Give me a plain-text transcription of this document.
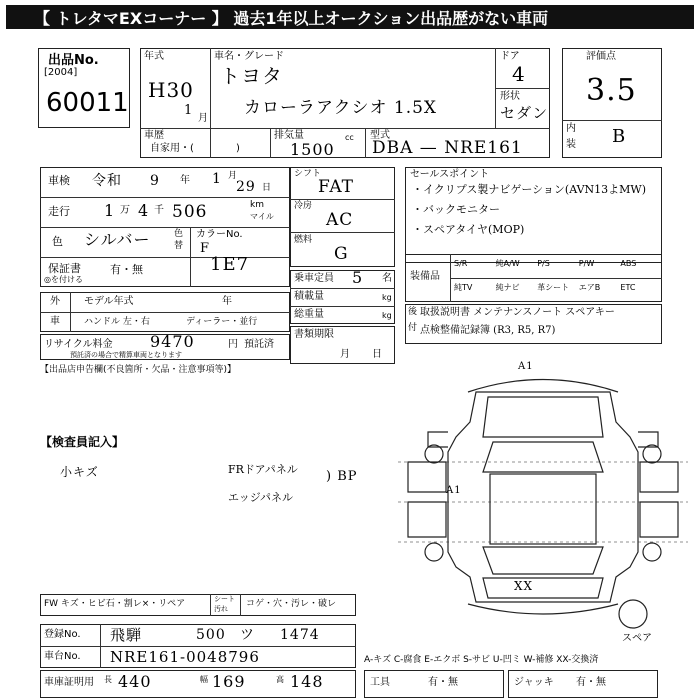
【 トレタマEXコーナー 】 過去1年以上オークション出品歴がない車両
出品No.
[2004]
60011
年式
H30
1
月
車名・グレード
トヨタ
カローラアクシオ 1.5X
ドア
4
形状
セダン
評価点
3.5
内
装 B
車歴
自家用・(	)
排気量
1500
cc 型式
DBA — NRE161
車検 令和 9 年 1 29
月
日
走行 1 万 4 千 506	km
マイル
色 シルバー	色
替
カラーNo.
F
1E7
保証書	有・無
◎を付ける
外
車
モデル年式	年
ハンドル 左・右	ディーラー・並行
リサイクル料金 9470	円 預託済
預託済の場合で精算車両となります
【出品店申告欄(不良箇所・欠品・注意事項等)】
シフト
FAT
冷房
AC
燃料
G
乗車定員 5 名
積載量	kg
総重量	kg
書類期限
月 日
セールスポイント
・イクリプス製ナビゲーション(AVN13よMW)
・バックモニター
・スペアタイヤ(MOP)
装備品
S/R	純A/W P/S	P/W	ABS
純TV	純ナビ 革シート エアB	ETC
後
付
取扱説明書 メンテナンスノート スペアキー
点検整備記録簿 (R3, R5, R7)
【検査員記入】
小キズ	FRドアパネル
エッジパネル
) BP
A1
A1
XX
スペア
FW キズ・ヒビ石・割レ×・リペア	シート
汚れ コゲ・穴・汚レ・破レ
登録No. 飛騨	500 ツ 1474
車台No. NRE161-0048796	A-キズ C-腐食 E-エクボ S-サビ U-凹ミ W-補修 XX-交換済
車庫証明用 長 440	幅 169	高 148	工具	有・無	ジャッキ 有・無
